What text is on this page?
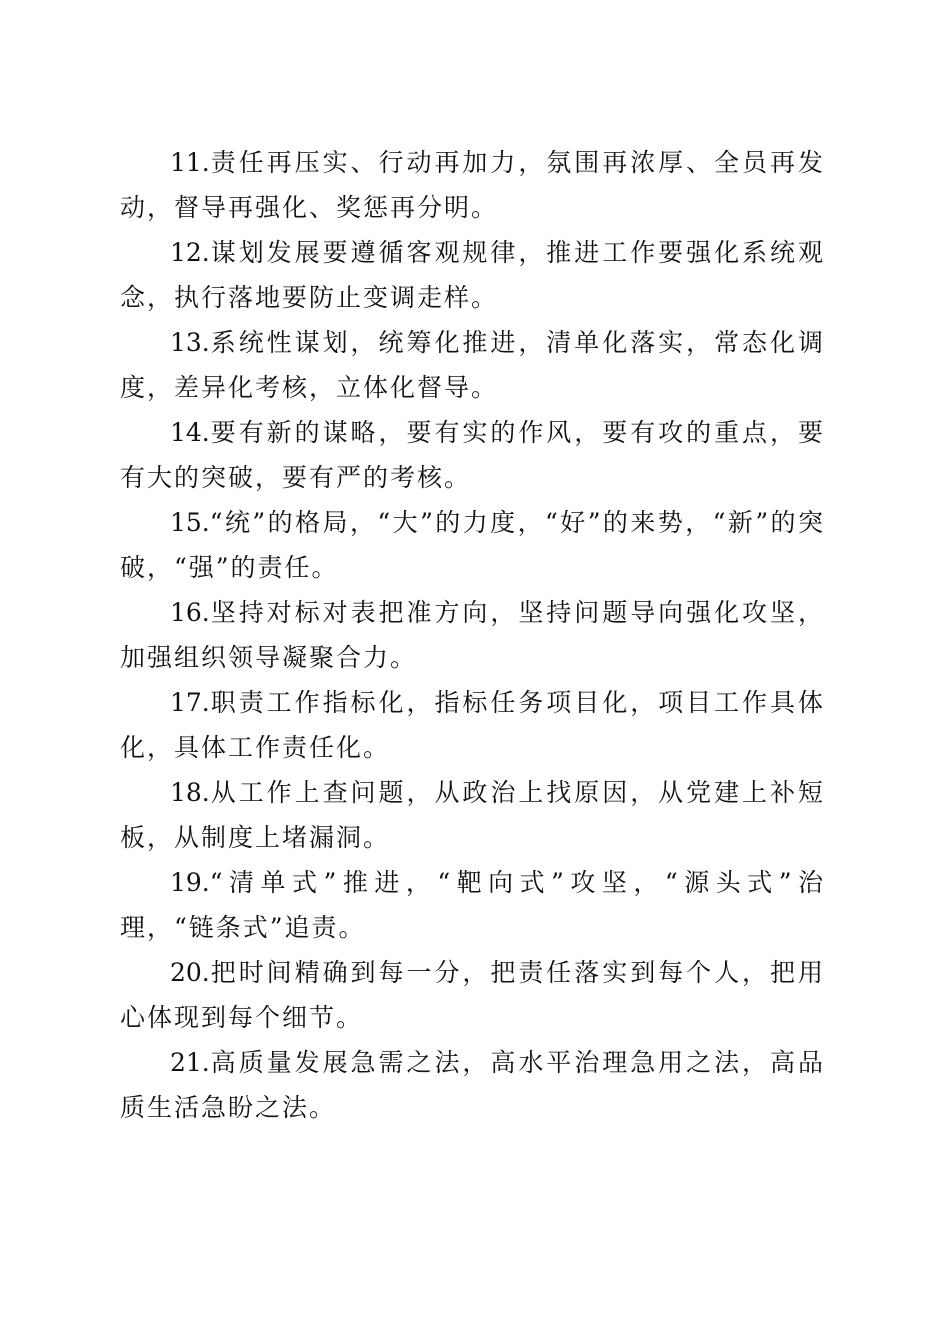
11.责任再压实、行动再加力，氛围再浓厚、全员再发动，督导再强化、奖惩再分明。

12.谋划发展要遵循客观规律，推进工作要强化系统观念，执行落地要防止变调走样。

13.系统性谋划，统筹化推进，清单化落实，常态化调度，差异化考核，立体化督导。

14.要有新的谋略，要有实的作风，要有攻的重点，要有大的突破，要有严的考核。

15.“统”的格局，“大”的力度，“好”的来势，“新”的突破，“强”的责任。

16.坚持对标对表把准方向，坚持问题导向强化攻坚，加强组织领导凝聚合力。

17.职责工作指标化，指标任务项目化，项目工作具体化，具体工作责任化。

18.从工作上查问题，从政治上找原因，从党建上补短板，从制度上堵漏洞。

19.“清单式”推进，“靶向式”攻坚，“源头式”治理，“链条式”追责。

20.把时间精确到每一分，把责任落实到每个人，把用心体现到每个细节。

21.高质量发展急需之法，高水平治理急用之法，高品质生活急盼之法。
